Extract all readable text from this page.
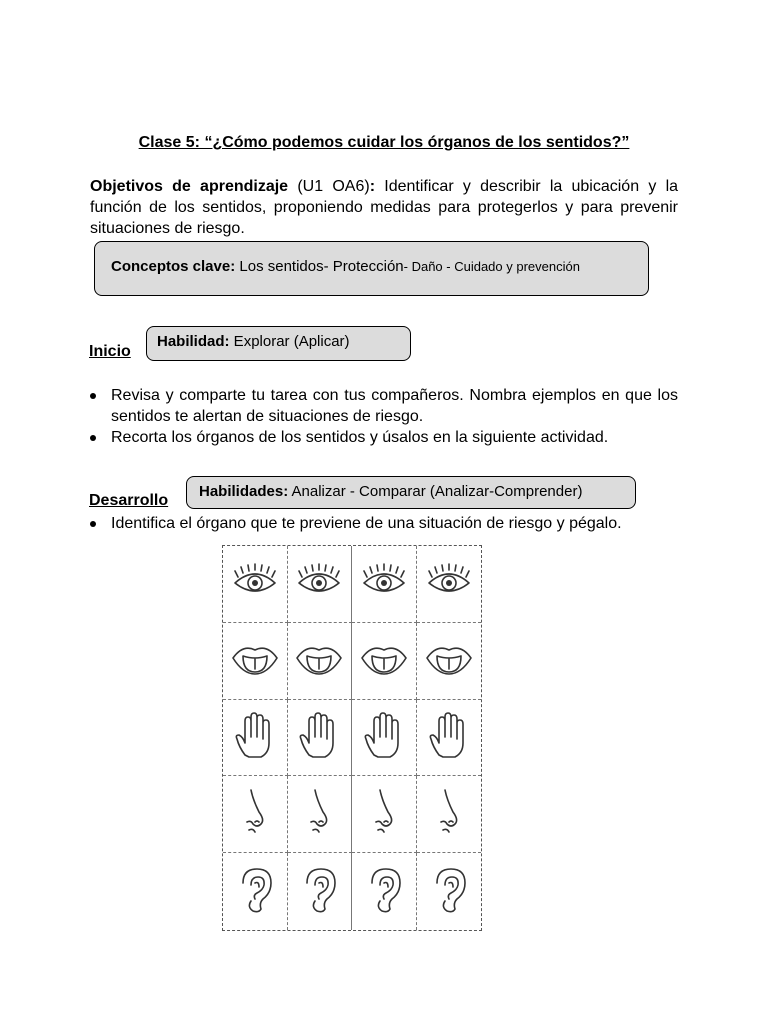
Clase 5: “¿Cómo podemos cuidar los órganos de los sentidos?”
Objetivos de aprendizaje (U1 OA6): Identificar y describir la ubicación y la función de los sentidos, proponiendo medidas para protegerlos y para prevenir situaciones de riesgo.
Conceptos clave: Los sentidos- Protección- Daño - Cuidado y prevención
Inicio
Habilidad: Explorar (Aplicar)
Revisa y comparte tu tarea con tus compañeros. Nombra ejemplos en que los sentidos te alertan de situaciones de riesgo.
Recorta los órganos de los sentidos y úsalos en la siguiente actividad.
Desarrollo
Habilidades: Analizar - Comparar (Analizar-Comprender)
Identifica el órgano que te previene de una situación de riesgo y pégalo.
